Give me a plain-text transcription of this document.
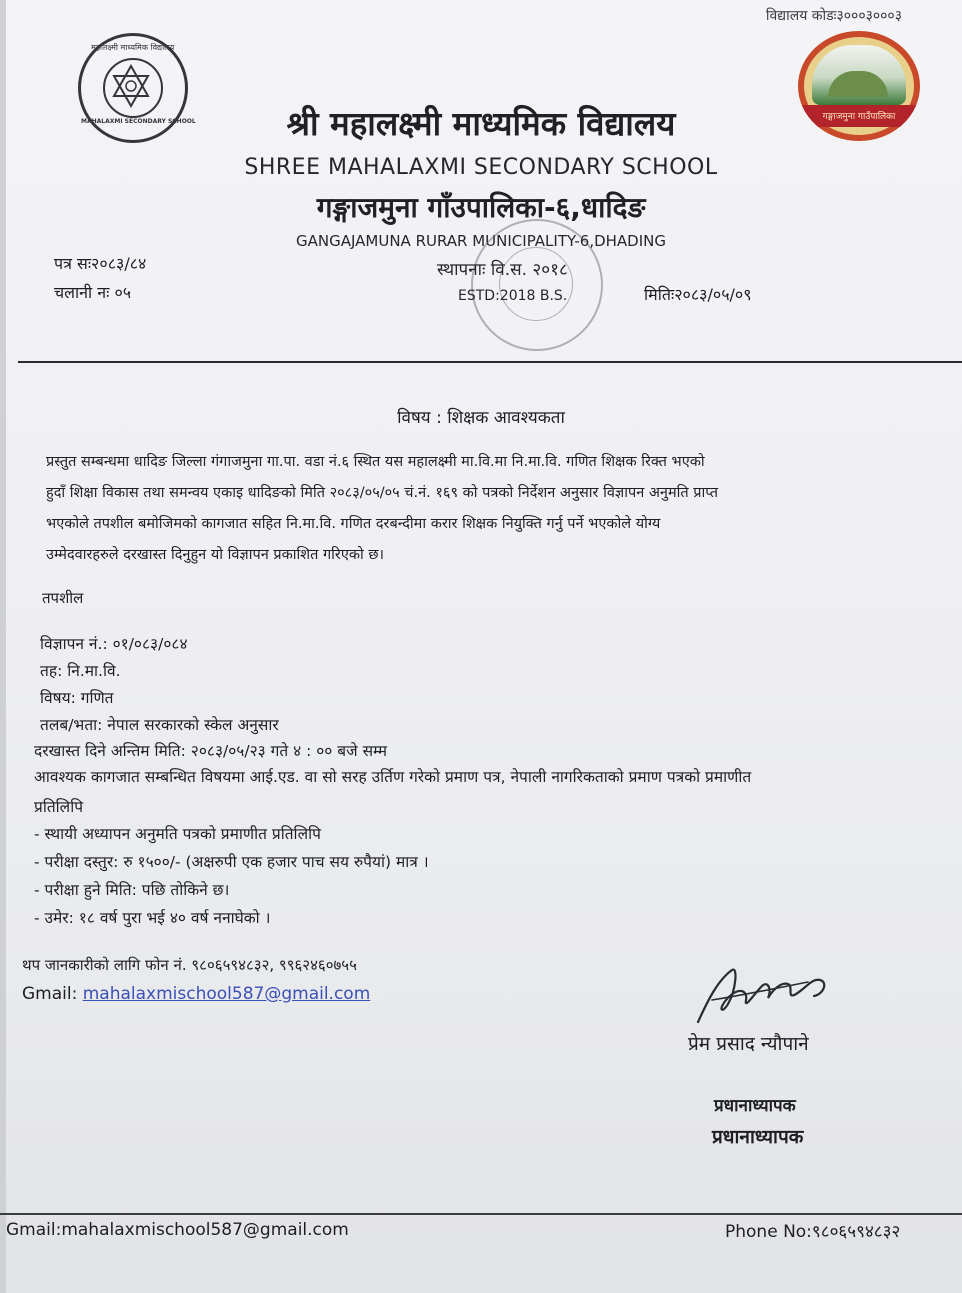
विद्यालय कोडः३०००३०००३
महालक्ष्मी माध्यमिक विद्यालय
MAHALAXMI SECONDARY SCHOOL	गङ्गाजमुना गाउँपालिका
श्री महालक्ष्मी माध्यमिक विद्यालय
SHREE MAHALAXMI SECONDARY SCHOOL
गङ्गाजमुना गाँउपालिका-६,धादिङ
GANGAJAMUNA RURAR MUNICIPALITY-6,DHADING
स्थापनाः वि.स. २०१८
ESTD:2018 B.S.
पत्र सः२०८३/८४
चलानी नः ०५	मितिः२०८३/०५/०९
विषय : शिक्षक आवश्यकता
प्रस्तुत सम्बन्धमा धादिङ जिल्ला गंगाजमुना गा.पा. वडा नं.६ स्थित यस महालक्ष्मी मा.वि.मा नि.मा.वि. गणित शिक्षक रिक्त भएको
हुदाँ शिक्षा विकास तथा समन्वय एकाइ धादिङको मिति २०८३/०५/०५ चं.नं. १६९ को पत्रको निर्देशन अनुसार विज्ञापन अनुमति प्राप्त
भएकोले तपशील बमोजिमको कागजात सहित नि.मा.वि. गणित दरबन्दीमा करार शिक्षक नियुक्ति गर्नु पर्ने भएकोले योग्य
उम्मेदवारहरुले दरखास्त दिनुहुन यो विज्ञापन प्रकाशित गरिएको छ।
तपशील
विज्ञापन नं.: ०१/०८३/०८४
तह: नि.मा.वि.
विषय: गणित
तलब/भता: नेपाल सरकारको स्केल अनुसार
दरखास्त दिने अन्तिम मिति: २०८३/०५/२३ गते ४ : ०० बजे सम्म
आवश्यक कागजात सम्बन्धित विषयमा आई.एड. वा सो सरह उर्तिण गरेको प्रमाण पत्र, नेपाली नागरिकताको प्रमाण पत्रको प्रमाणीत
प्रतिलिपि
- स्थायी अध्यापन अनुमति पत्रको प्रमाणीत प्रतिलिपि
- परीक्षा दस्तुर: रु १५००/- (अक्षरुपी एक हजार पाच सय रुपैयां) मात्र ।
- परीक्षा हुने मिति: पछि तोकिने छ।
- उमेर: १८ वर्ष पुरा भई ४० वर्ष ननाघेको ।
थप जानकारीको लागि फोन नं. ९८०६५९४८३२, ९९६२४६०७५५
Gmail: mahalaxmischool587@gmail.com
प्रेम प्रसाद न्यौपाने
प्रधानाध्यापक
प्रधानाध्यापक
Gmail:mahalaxmischool587@gmail.com	Phone No:९८०६५९४८३२
